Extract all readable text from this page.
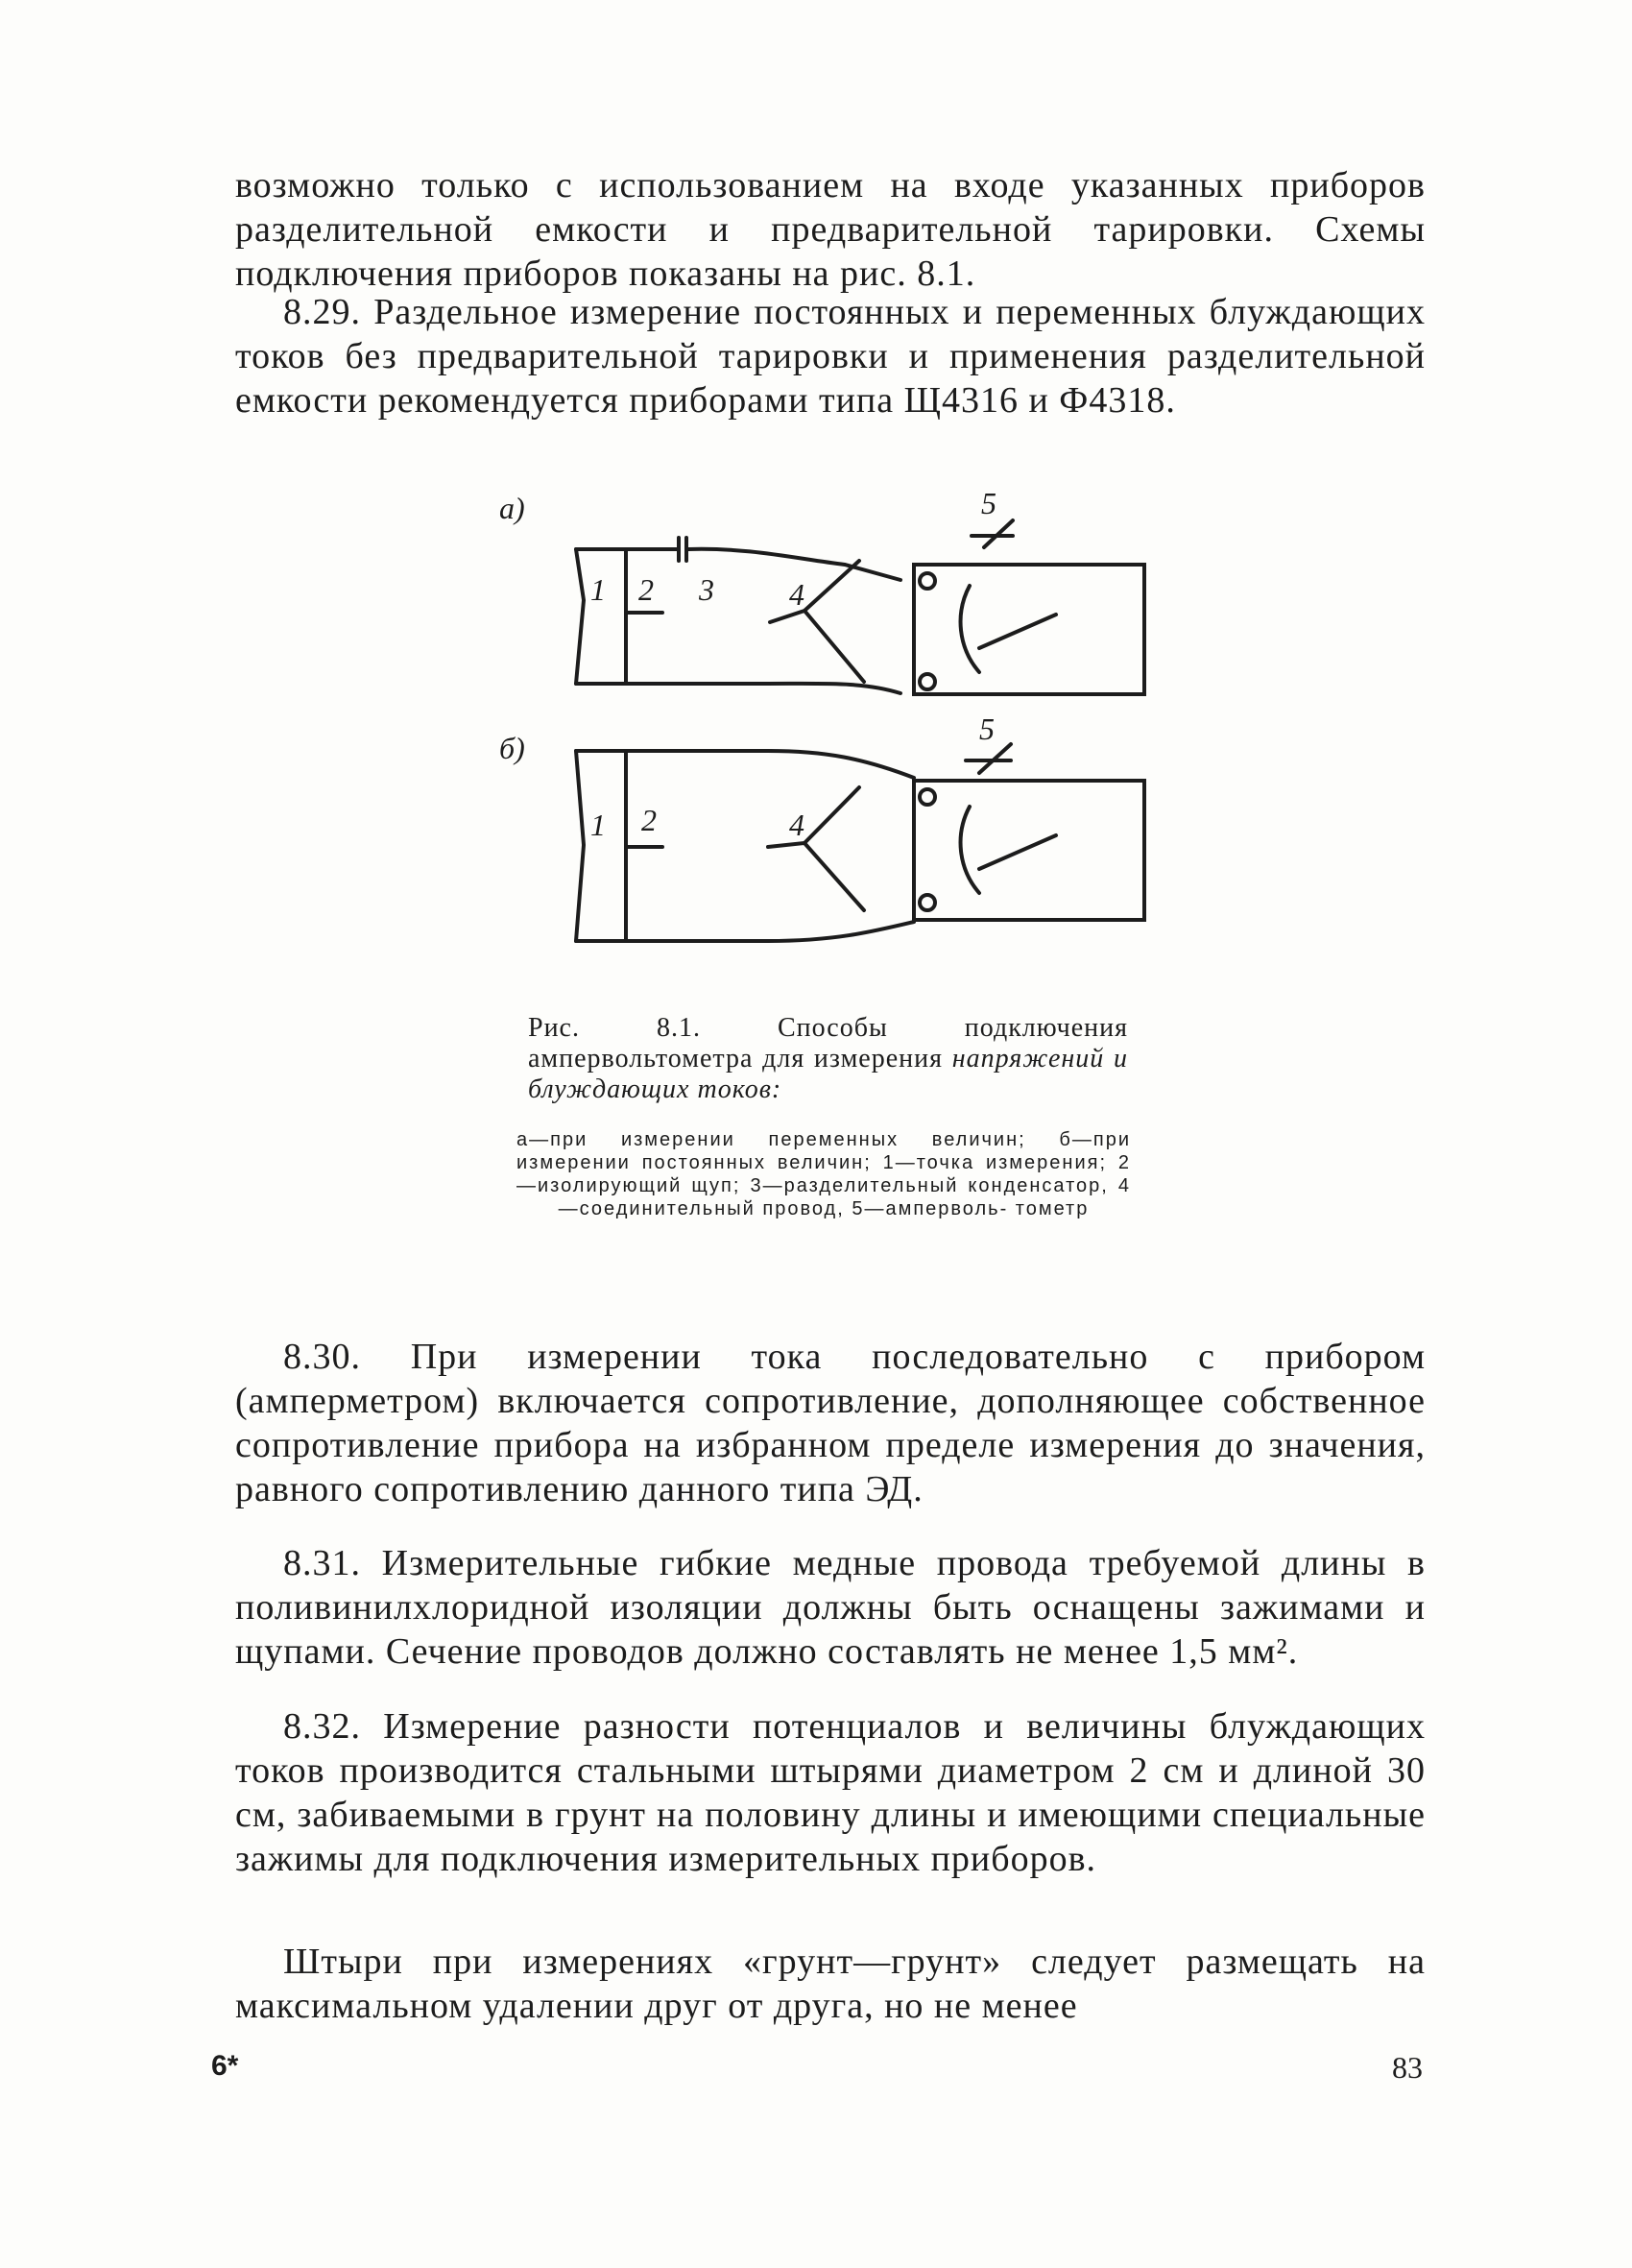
возможно только с использованием на входе указанных приборов разделительной емкости и предварительной тарировки. Схемы подключения приборов показаны на рис. 8.1.

8.29. Раздельное измерение постоянных и переменных блуждающих токов без предварительной тарировки и применения разделительной емкости рекомендуется приборами типа Щ4316 и Ф4318.

а)
1 2 3 4
5
б)
1 2	4
5
Рис. 8.1. Способы подключения ампервольтометра для измерения напряжений и блуждающих токов:
а—при измерении переменных величин; б—при измерении постоянных величин; 1—точка измерения; 2—изолирующий щуп; 3—разделительный конденсатор, 4—соединительный провод, 5—амперволь- тометр

8.30. При измерении тока последовательно с прибором (амперметром) включается сопротивление, дополняющее собственное сопротивление прибора на избранном пределе измерения до значения, равного сопротивлению данного типа ЭД.

8.31. Измерительные гибкие медные провода требуемой длины в поливинилхлоридной изоляции должны быть оснащены зажимами и щупами. Сечение проводов должно составлять не менее 1,5 мм².

8.32. Измерение разности потенциалов и величины блуждающих токов производится стальными штырями диаметром 2 см и длиной 30 см, забиваемыми в грунт на половину длины и имеющими специальные зажимы для подключения измерительных приборов.

Штыри при измерениях «грунт—грунт» следует размещать на максимальном удалении друг от друга, но не менее

6*	83
